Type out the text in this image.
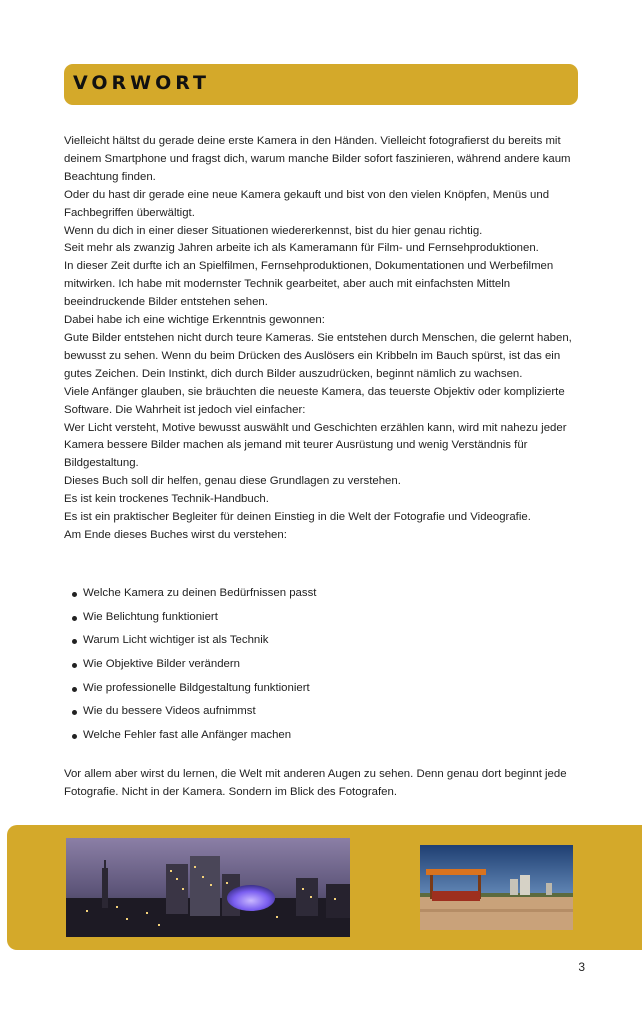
VORWORT

Vielleicht hältst du gerade deine erste Kamera in den Händen. Vielleicht fotografierst du bereits mit deinem Smartphone und fragst dich, warum manche Bilder sofort faszinieren, während andere kaum Beachtung finden.

Oder du hast dir gerade eine neue Kamera gekauft und bist von den vielen Knöpfen, Menüs und Fachbegriffen überwältigt.

Wenn du dich in einer dieser Situationen wiedererkennst, bist du hier genau richtig.

Seit mehr als zwanzig Jahren arbeite ich als Kameramann für Film- und Fernsehproduktionen.

In dieser Zeit durfte ich an Spielfilmen, Fernsehproduktionen, Dokumentationen und Werbefilmen mitwirken. Ich habe mit modernster Technik gearbeitet, aber auch mit einfachsten Mitteln beeindruckende Bilder entstehen sehen.

Dabei habe ich eine wichtige Erkenntnis gewonnen:

Gute Bilder entstehen nicht durch teure Kameras. Sie entstehen durch Menschen, die gelernt haben, bewusst zu sehen. Wenn du beim Drücken des Auslösers ein Kribbeln im Bauch spürst, ist das ein gutes Zeichen. Dein Instinkt, dich durch Bilder auszudrücken, beginnt nämlich zu wachsen.

Viele Anfänger glauben, sie bräuchten die neueste Kamera, das teuerste Objektiv oder komplizierte Software. Die Wahrheit ist jedoch viel einfacher:

Wer Licht versteht, Motive bewusst auswählt und Geschichten erzählen kann, wird mit nahezu jeder Kamera bessere Bilder machen als jemand mit teurer Ausrüstung und wenig Verständnis für Bildgestaltung.

Dieses Buch soll dir helfen, genau diese Grundlagen zu verstehen.

Es ist kein trockenes Technik-Handbuch.

Es ist ein praktischer Begleiter für deinen Einstieg in die Welt der Fotografie und Videografie.

Am Ende dieses Buches wirst du verstehen:

Welche Kamera zu deinen Bedürfnissen passt
Wie Belichtung funktioniert
Warum Licht wichtiger ist als Technik
Wie Objektive Bilder verändern
Wie professionelle Bildgestaltung funktioniert
Wie du bessere Videos aufnimmst
Welche Fehler fast alle Anfänger machen

Vor allem aber wirst du lernen, die Welt mit anderen Augen zu sehen. Denn genau dort beginnt jede Fotografie. Nicht in der Kamera. Sondern im Blick des Fotografen.

3
